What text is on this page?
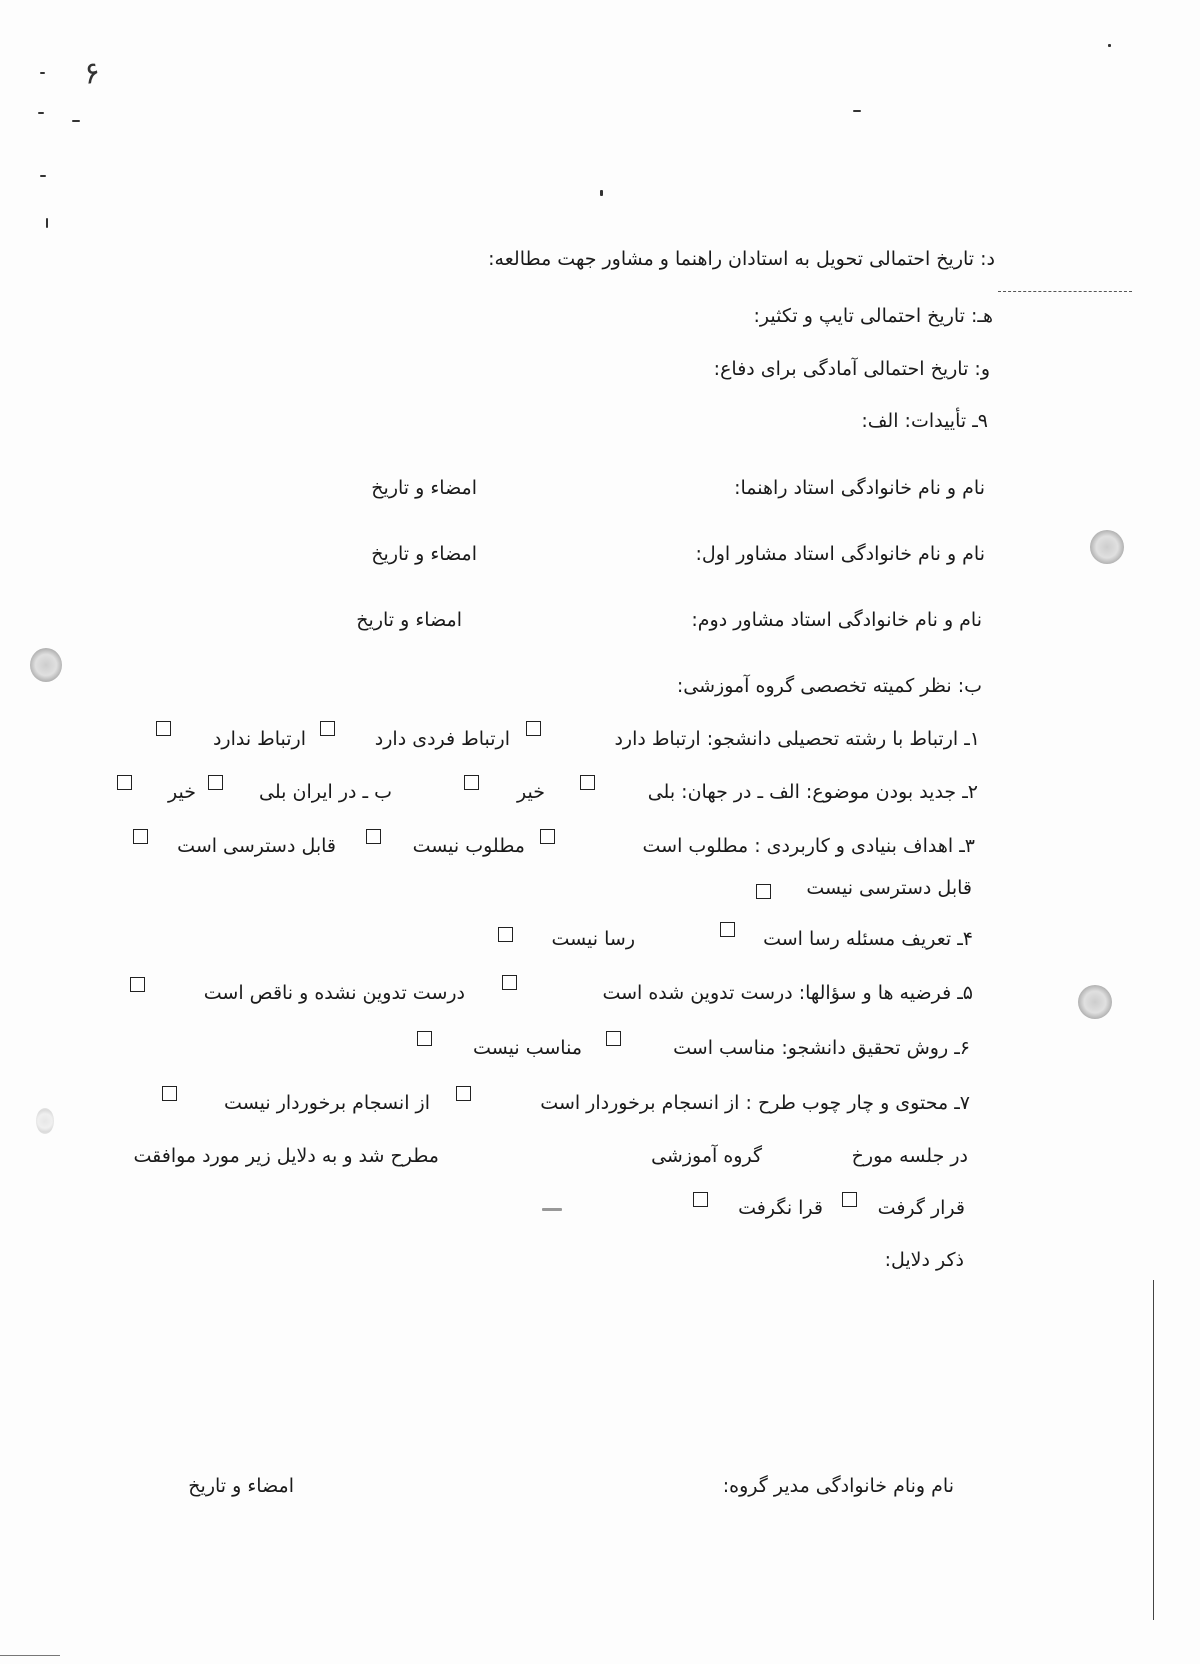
۶
د: تاریخ احتمالی تحویل به استادان راهنما و مشاور جهت مطالعه:
هـ: تاریخ احتمالی تایپ و تکثیر:
و: تاریخ احتمالی آمادگی برای دفاع:
۹ـ تأییدات: الف:
نام و نام خانوادگی استاد راهنما:
امضاء و تاریخ
نام و نام خانوادگی استاد مشاور اول:
امضاء و تاریخ
نام و نام خانوادگی استاد مشاور دوم:
امضاء و تاریخ
ب: نظر کمیته تخصصی گروه آموزشی:
۱ـ ارتباط با رشته تحصیلی دانشجو: ارتباط دارد
ارتباط فردی دارد
ارتباط ندارد
۲ـ جدید بودن موضوع: الف ـ در جهان: بلی
خیر
ب ـ در ایران بلی
خیر
۳ـ اهداف بنیادی و کاربردی : مطلوب است
مطلوب نیست
قابل دسترسی است
قابل دسترسی نیست
۴ـ تعریف مسئله رسا است
رسا نیست
۵ـ فرضیه ها و سؤالها: درست تدوین شده است
درست تدوین نشده و ناقص است
۶ـ روش تحقیق دانشجو: مناسب است
مناسب نیست
۷ـ محتوی و چار چوب طرح : از انسجام برخوردار است
از انسجام برخوردار نیست
در جلسه مورخ
گروه آموزشی
مطرح شد و به دلایل زیر مورد موافقت
قرار گرفت
قرا نگرفت
ذکر دلایل:
نام ونام خانوادگی مدیر گروه:
امضاء و تاریخ
